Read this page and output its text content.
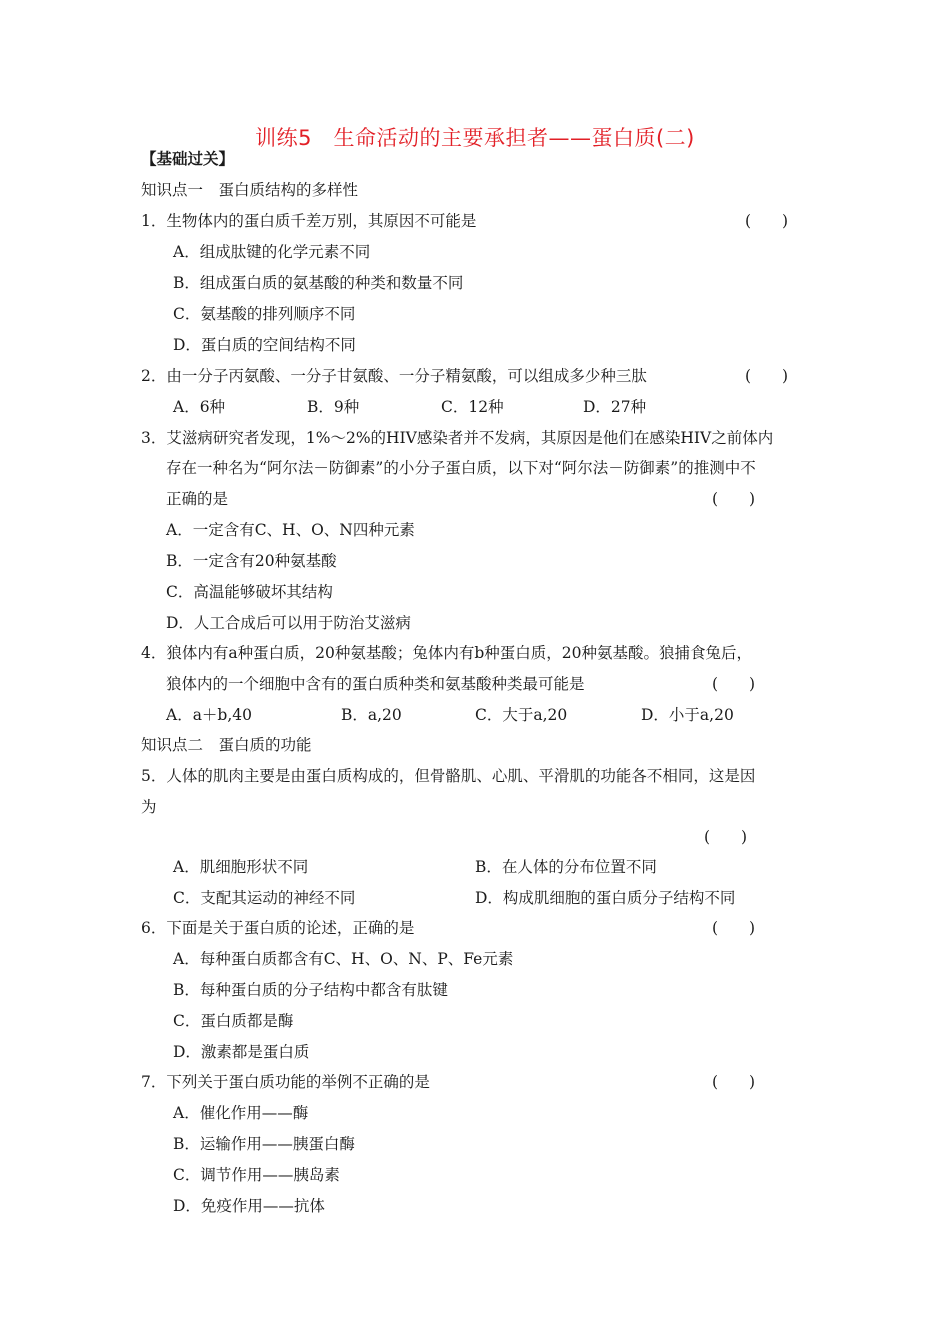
训练5　生命活动的主要承担者——蛋白质(二)
【基础过关】
知识点一　蛋白质结构的多样性
1．生物体内的蛋白质千差万别，其原因不可能是	(　　)
A．组成肽键的化学元素不同
B．组成蛋白质的氨基酸的种类和数量不同
C．氨基酸的排列顺序不同
D．蛋白质的空间结构不同
2．由一分子丙氨酸、一分子甘氨酸、一分子精氨酸，可以组成多少种三肽	(　　)
A．6种	B．9种	C．12种	D．27种
3．艾滋病研究者发现，1%～2%的HIV感染者并不发病，其原因是他们在感染HIV之前体内
存在一种名为“阿尔法－防御素”的小分子蛋白质，以下对“阿尔法－防御素”的推测中不
正确的是	(　　)
A．一定含有C、H、O、N四种元素
B．一定含有20种氨基酸
C．高温能够破坏其结构
D．人工合成后可以用于防治艾滋病
4．狼体内有a种蛋白质，20种氨基酸；兔体内有b种蛋白质，20种氨基酸。狼捕食兔后，
狼体内的一个细胞中含有的蛋白质种类和氨基酸种类最可能是	(　　)
A．a＋b,40	B．a,20	C．大于a,20	D．小于a,20
知识点二　蛋白质的功能
5．人体的肌肉主要是由蛋白质构成的，但骨骼肌、心肌、平滑肌的功能各不相同，这是因
为
(　　)
A．肌细胞形状不同	B．在人体的分布位置不同
C．支配其运动的神经不同	D．构成肌细胞的蛋白质分子结构不同
6．下面是关于蛋白质的论述，正确的是	(　　)
A．每种蛋白质都含有C、H、O、N、P、Fe元素
B．每种蛋白质的分子结构中都含有肽键
C．蛋白质都是酶
D．激素都是蛋白质
7．下列关于蛋白质功能的举例不正确的是	(　　)
A．催化作用——酶
B．运输作用——胰蛋白酶
C．调节作用——胰岛素
D．免疫作用——抗体
